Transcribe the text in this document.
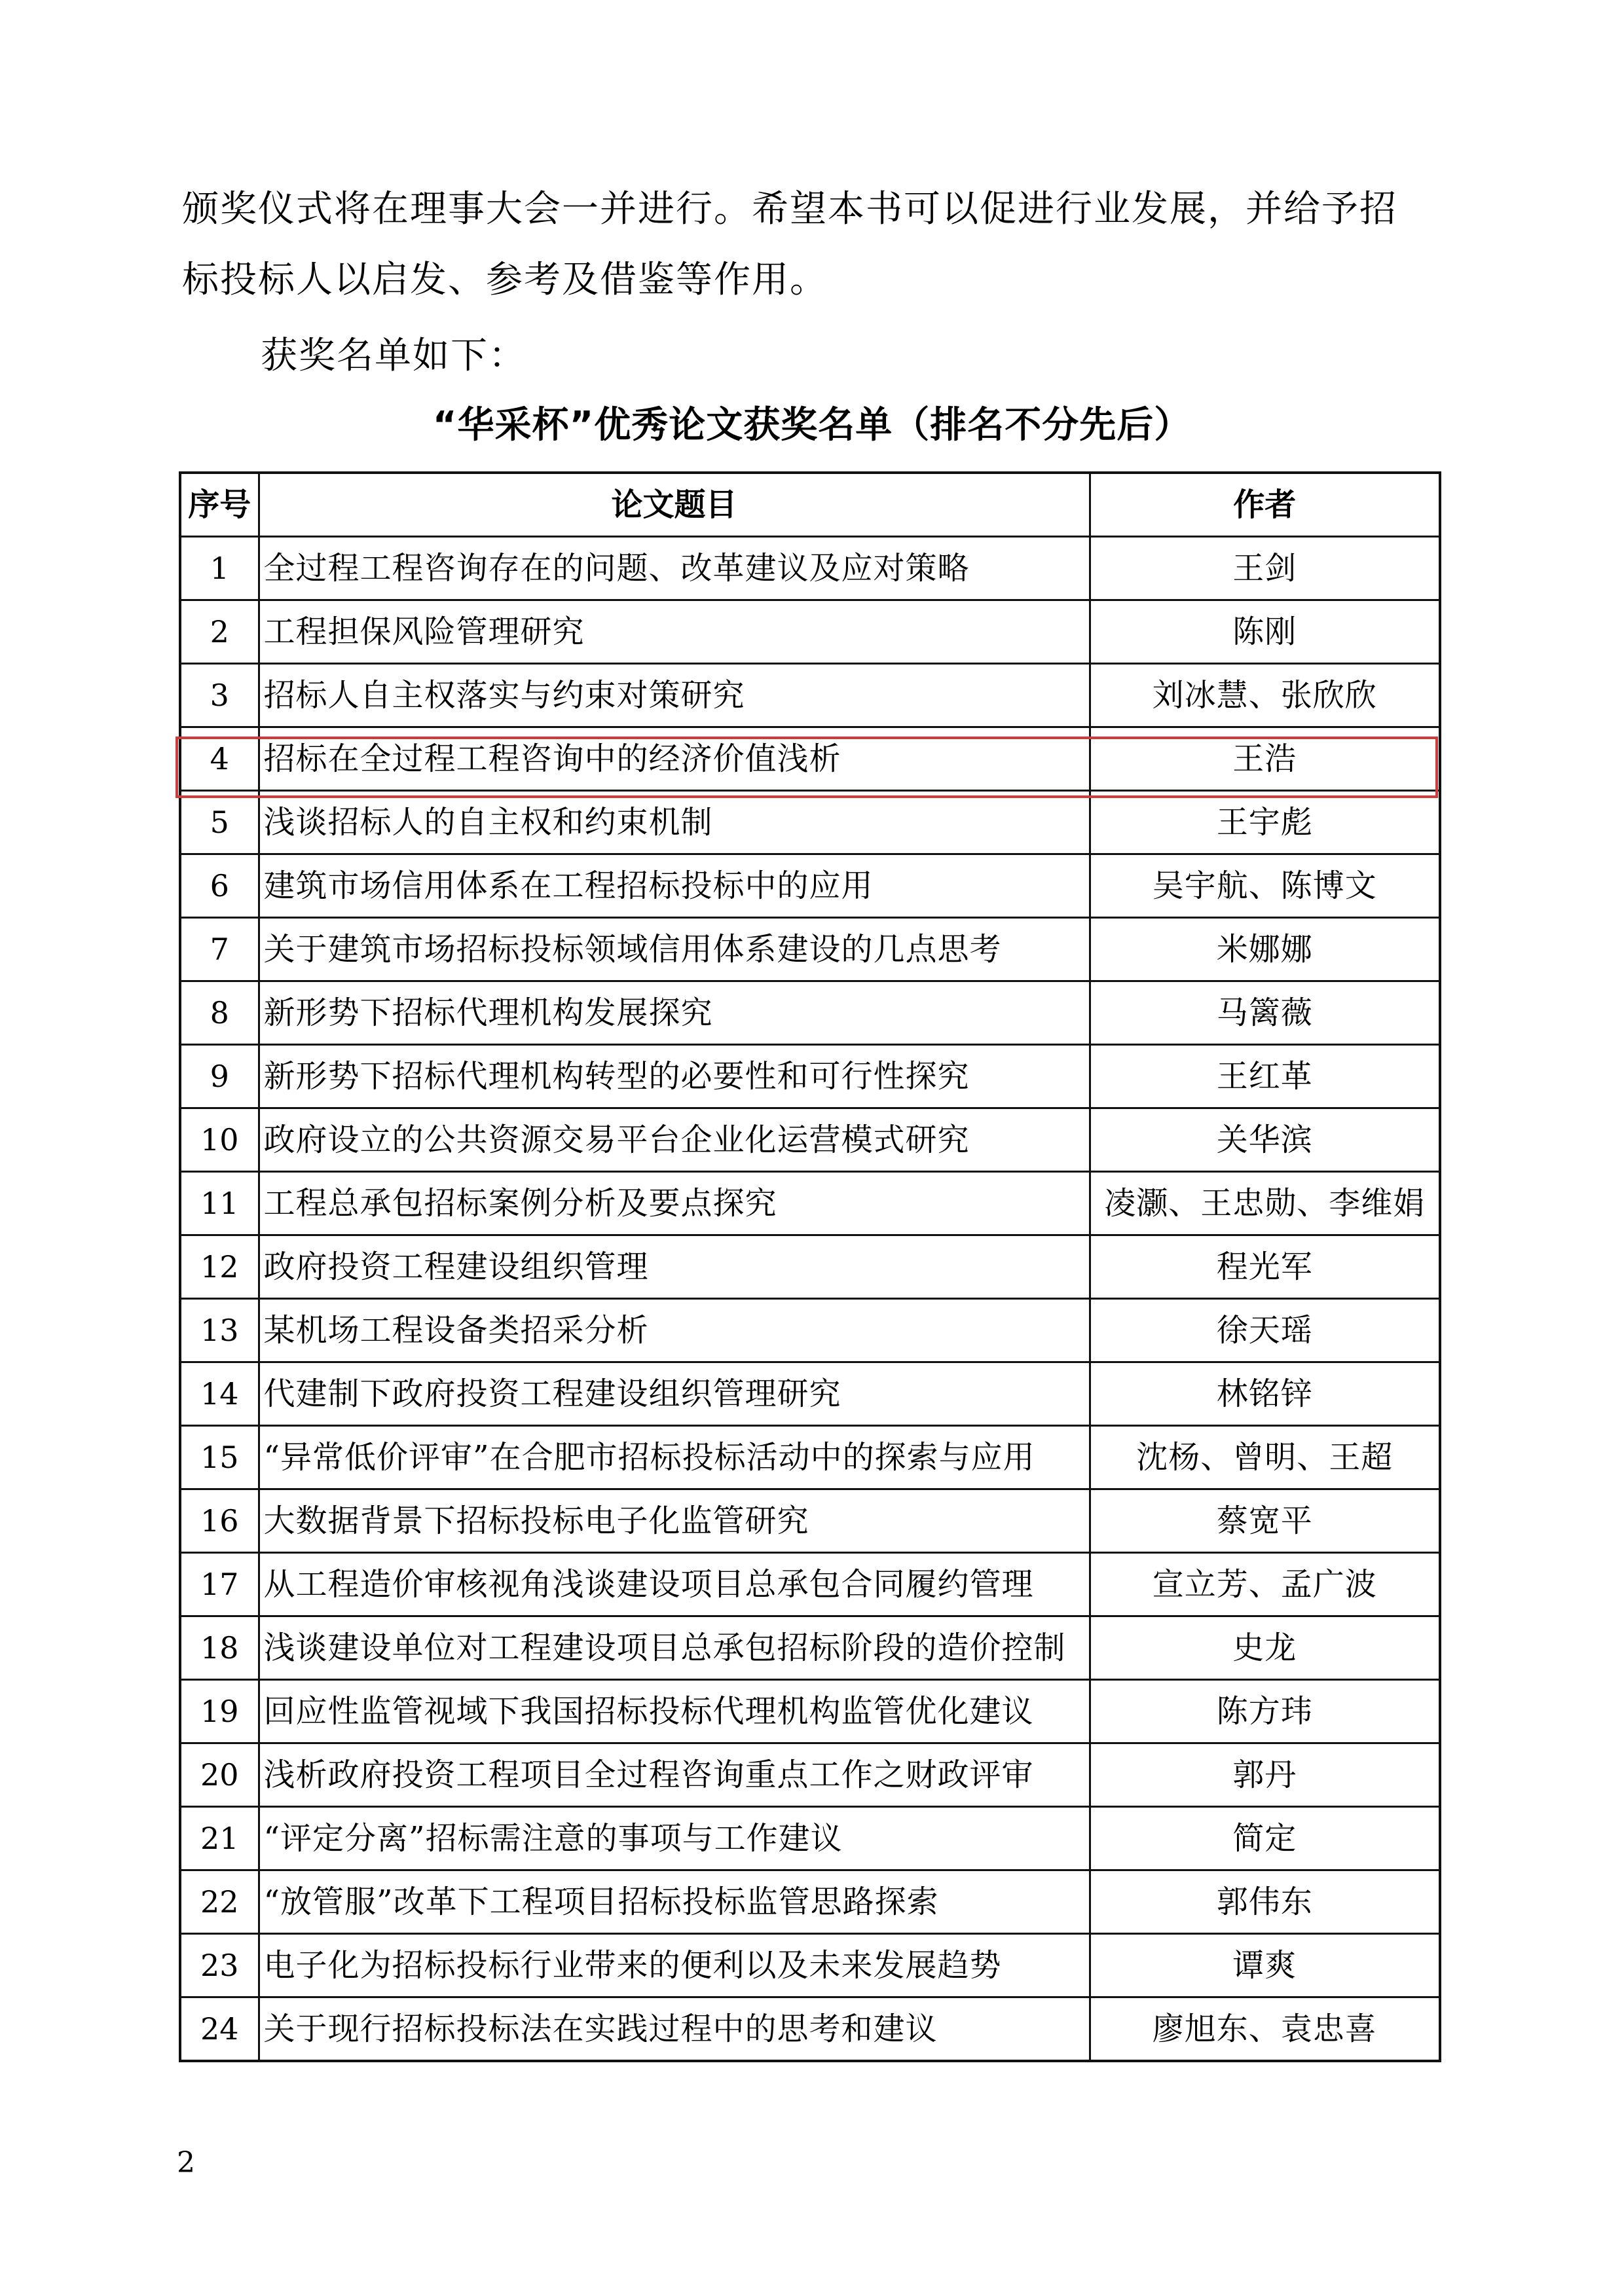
颁奖仪式将在理事大会一并进行。希望本书可以促进行业发展，并给予招
标投标人以启发、参考及借鉴等作用。
获奖名单如下：
“华采杯”优秀论文获奖名单（排名不分先后）
序号	论文题目	作者
1	全过程工程咨询存在的问题、改革建议及应对策略	王剑
2	工程担保风险管理研究	陈刚
3	招标人自主权落实与约束对策研究	刘冰慧、张欣欣
4	招标在全过程工程咨询中的经济价值浅析	王浩
5	浅谈招标人的自主权和约束机制	王宇彪
6	建筑市场信用体系在工程招标投标中的应用	吴宇航、陈博文
7	关于建筑市场招标投标领域信用体系建设的几点思考	米娜娜
8	新形势下招标代理机构发展探究	马篱薇
9	新形势下招标代理机构转型的必要性和可行性探究	王红革
10	政府设立的公共资源交易平台企业化运营模式研究	关华滨
11	工程总承包招标案例分析及要点探究	凌灏、王忠勋、李维娟
12	政府投资工程建设组织管理	程光军
13	某机场工程设备类招采分析	徐天瑶
14	代建制下政府投资工程建设组织管理研究	林铭锌
15	“异常低价评审”在合肥市招标投标活动中的探索与应用	沈杨、曾明、王超
16	大数据背景下招标投标电子化监管研究	蔡宽平
17	从工程造价审核视角浅谈建设项目总承包合同履约管理	宣立芳、孟广波
18	浅谈建设单位对工程建设项目总承包招标阶段的造价控制	史龙
19	回应性监管视域下我国招标投标代理机构监管优化建议	陈方玮
20	浅析政府投资工程项目全过程咨询重点工作之财政评审	郭丹
21	“评定分离”招标需注意的事项与工作建议	简定
22	“放管服”改革下工程项目招标投标监管思路探索	郭伟东
23	电子化为招标投标行业带来的便利以及未来发展趋势	谭爽
24	关于现行招标投标法在实践过程中的思考和建议	廖旭东、袁忠喜
2
